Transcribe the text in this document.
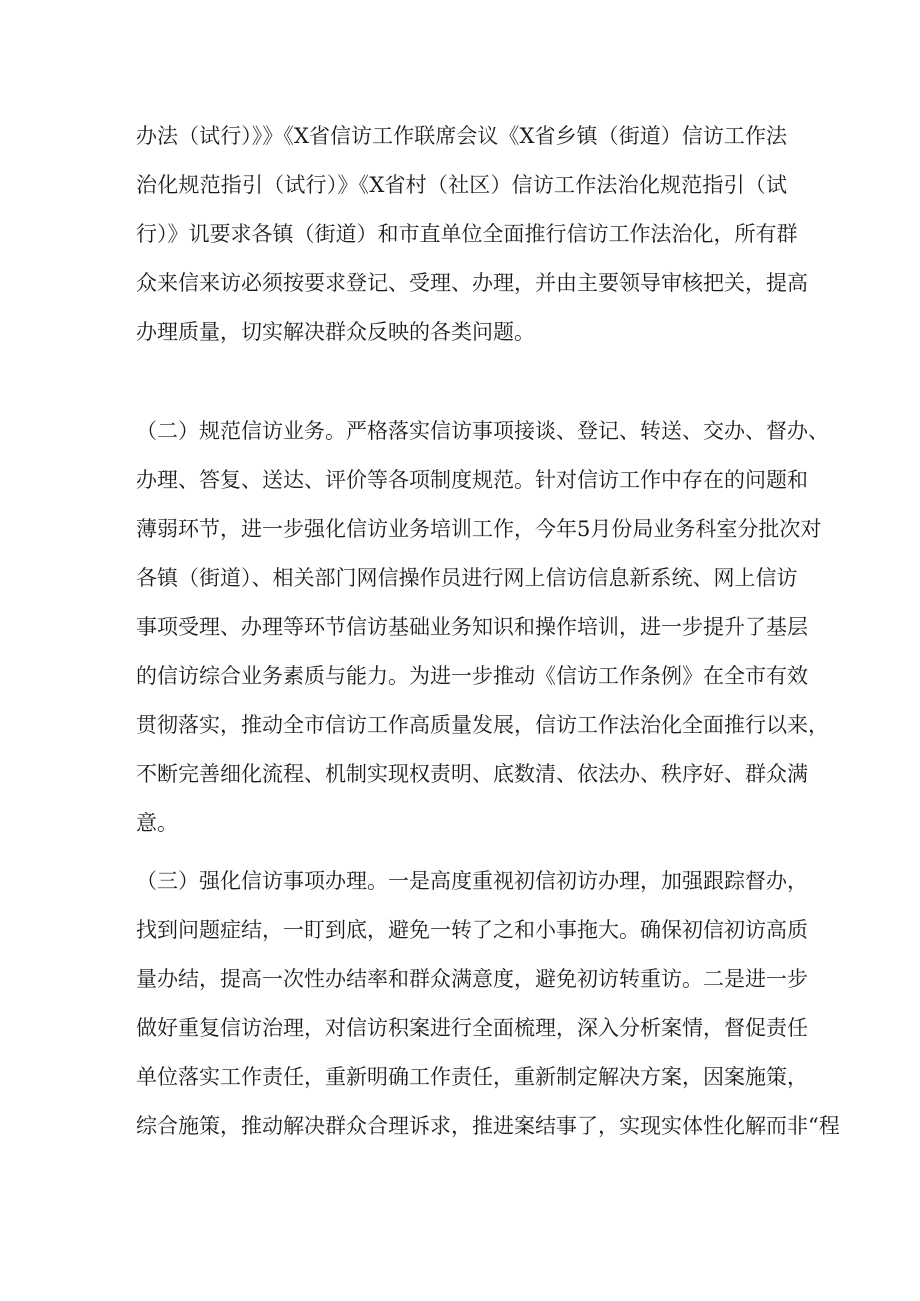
办法（试行）》》《X省信访工作联席会议《X省乡镇（街道）信访工作法
治化规范指引（试行）》《X省村（社区）信访工作法治化规范指引（试
行）》讥要求各镇（街道）和市直单位全面推行信访工作法治化，所有群
众来信来访必须按要求登记、受理、办理，并由主要领导审核把关，提高
办理质量，切实解决群众反映的各类问题。
（二）规范信访业务。严格落实信访事项接谈、登记、转送、交办、督办、
办理、答复、送达、评价等各项制度规范。针对信访工作中存在的问题和
薄弱环节，进一步强化信访业务培训工作，今年5月份局业务科室分批次对
各镇（街道）、相关部门网信操作员进行网上信访信息新系统、网上信访
事项受理、办理等环节信访基础业务知识和操作培训，进一步提升了基层
的信访综合业务素质与能力。为进一步推动《信访工作条例》在全市有效
贯彻落实，推动全市信访工作高质量发展，信访工作法治化全面推行以来，
不断完善细化流程、机制实现权责明、底数清、依法办、秩序好、群众满
意。
（三）强化信访事项办理。一是高度重视初信初访办理，加强跟踪督办，
找到问题症结，一盯到底，避免一转了之和小事拖大。确保初信初访高质
量办结，提高一次性办结率和群众满意度，避免初访转重访。二是进一步
做好重复信访治理，对信访积案进行全面梳理，深入分析案情，督促责任
单位落实工作责任，重新明确工作责任，重新制定解决方案，因案施策，
综合施策，推动解决群众合理诉求，推进案结事了，实现实体性化解而非“程
